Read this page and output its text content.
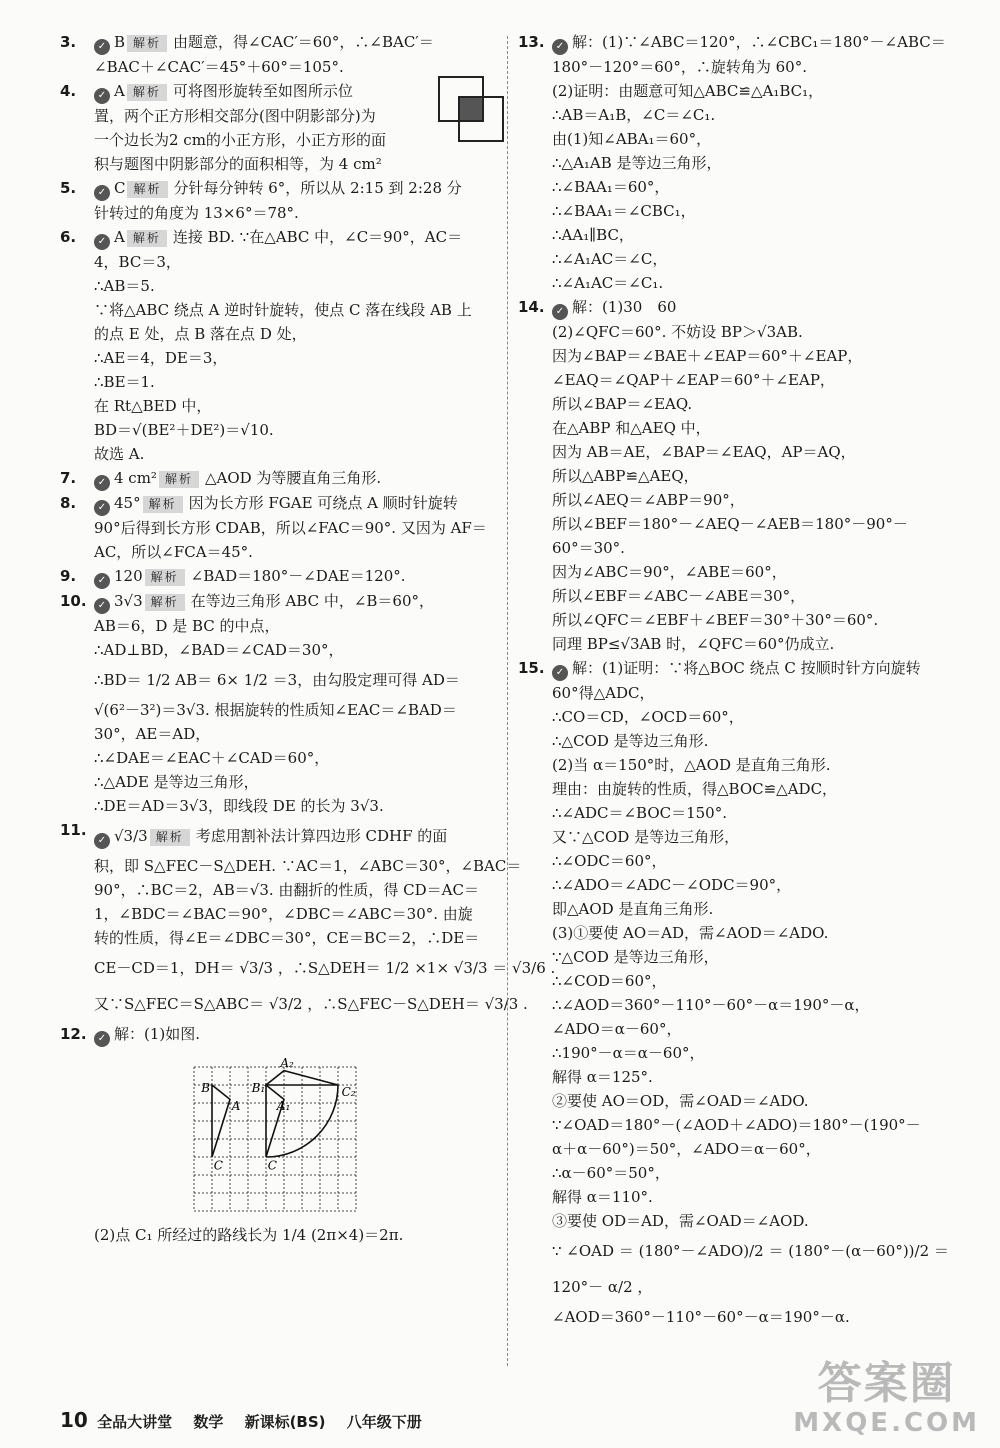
3.	✓ B 解析 由题意，得∠CAC′＝60°，∴∠BAC′＝

∠BAC＋∠CAC′＝45°＋60°＝105°.

4.	✓ A 解析 可将图形旋转至如图所示位

置，两个正方形相交部分(图中阴影部分)为

一个边长为2 cm的小正方形，小正方形的面

积与题图中阴影部分的面积相等，为 4 cm²

5.	✓ C 解析 分针每分钟转 6°，所以从 2:15 到 2:28 分

针转过的角度为 13×6°＝78°.

6.	✓ A 解析 连接 BD. ∵在△ABC 中，∠C＝90°，AC＝

4，BC＝3，

∴AB＝5.

∵将△ABC 绕点 A 逆时针旋转，使点 C 落在线段 AB 上

的点 E 处，点 B 落在点 D 处，

∴AE＝4，DE＝3，

∴BE＝1.

在 Rt△BED 中，

BD＝√(BE²＋DE²)＝√10.

故选 A.

7.	✓ 4 cm² 解析 △AOD 为等腰直角三角形.

8.	✓ 45° 解析 因为长方形 FGAE 可绕点 A 顺时针旋转

90°后得到长方形 CDAB，所以∠FAC＝90°. 又因为 AF＝

AC，所以∠FCA＝45°.

9.	✓ 120 解析 ∠BAD＝180°－∠DAE＝120°.

10.	✓ 3√3 解析 在等边三角形 ABC 中，∠B＝60°，

AB＝6，D 是 BC 的中点，

∴AD⊥BD，∠BAD＝∠CAD＝30°，

∴BD＝ 1/2 AB＝ 6× 1/2 ＝3，由勾股定理可得 AD＝

√(6²－3²)＝3√3. 根据旋转的性质知∠EAC＝∠BAD＝

30°，AE＝AD，

∴∠DAE＝∠EAC＋∠CAD＝60°，

∴△ADE 是等边三角形，

∴DE＝AD＝3√3，即线段 DE 的长为 3√3.

11.

✓ √3/3 解析 考虑用割补法计算四边形 CDHF 的面

积，即 S△FEC－S△DEH. ∵AC＝1，∠ABC＝30°，∠BAC＝

90°，∴BC＝2，AB＝√3. 由翻折的性质，得 CD＝AC＝

1，∠BDC＝∠BAC＝90°，∠DBC＝∠ABC＝30°. 由旋

转的性质，得∠E＝∠DBC＝30°，CE＝BC＝2，∴DE＝

CE－CD＝1，DH＝ √3/3 ，∴S△DEH＝ 1/2 ×1× √3/3 ＝ √3/6 .

又∵S△FEC＝S△ABC＝ √3/2 ，∴S△FEC－S△DEH＝ √3/3 .

12.	✓ 解：(1)如图.

B
A
C
B₁
A₁
A₂
C₂
C

(2)点 C₁ 所经过的路线长为 1/4 (2π×4)＝2π.

13.	✓ 解：(1)∵∠ABC＝120°，∴∠CBC₁＝180°－∠ABC＝

180°－120°＝60°，∴旋转角为 60°.

(2)证明：由题意可知△ABC≌△A₁BC₁，

∴AB＝A₁B，∠C＝∠C₁.

由(1)知∠ABA₁＝60°，

∴△A₁AB 是等边三角形，

∴∠BAA₁＝60°，

∴∠BAA₁＝∠CBC₁，

∴AA₁∥BC，

∴∠A₁AC＝∠C，

∴∠A₁AC＝∠C₁.

14.	✓ 解：(1)30　60

(2)∠QFC＝60°. 不妨设 BP＞√3AB.

因为∠BAP＝∠BAE＋∠EAP＝60°＋∠EAP，

∠EAQ＝∠QAP＋∠EAP＝60°＋∠EAP，

所以∠BAP＝∠EAQ.

在△ABP 和△AEQ 中，

因为 AB＝AE，∠BAP＝∠EAQ，AP＝AQ，

所以△ABP≌△AEQ，

所以∠AEQ＝∠ABP＝90°，

所以∠BEF＝180°－∠AEQ－∠AEB＝180°－90°－

60°＝30°.

因为∠ABC＝90°，∠ABE＝60°，

所以∠EBF＝∠ABC－∠ABE＝30°，

所以∠QFC＝∠EBF＋∠BEF＝30°＋30°＝60°.

同理 BP≤√3AB 时，∠QFC＝60°仍成立.

15.	✓ 解：(1)证明：∵将△BOC 绕点 C 按顺时针方向旋转

60°得△ADC，

∴CO＝CD，∠OCD＝60°，

∴△COD 是等边三角形.

(2)当 α＝150°时，△AOD 是直角三角形.

理由：由旋转的性质，得△BOC≌△ADC，

∴∠ADC＝∠BOC＝150°.

又∵△COD 是等边三角形，

∴∠ODC＝60°，

∴∠ADO＝∠ADC－∠ODC＝90°，

即△AOD 是直角三角形.

(3)①要使 AO＝AD，需∠AOD＝∠ADO.

∵△COD 是等边三角形，

∴∠COD＝60°，

∴∠AOD＝360°－110°－60°－α＝190°－α，

∠ADO＝α－60°，

∴190°－α＝α－60°，

解得 α＝125°.

②要使 AO＝OD，需∠OAD＝∠ADO.

∵∠OAD＝180°－(∠AOD＋∠ADO)＝180°－(190°－

α＋α－60°)＝50°，∠ADO＝α－60°，

∴α－60°＝50°，

解得 α＝110°.

③要使 OD＝AD，需∠OAD＝∠AOD.

∵ ∠OAD ＝ (180°－∠ADO)/2 ＝ (180°－(α－60°))/2 ＝

120°－ α/2 ，

∠AOD＝360°－110°－60°－α＝190°－α.

10 全品大讲堂 数学 新课标(BS) 八年级下册
答案圈
MXQE.COM
